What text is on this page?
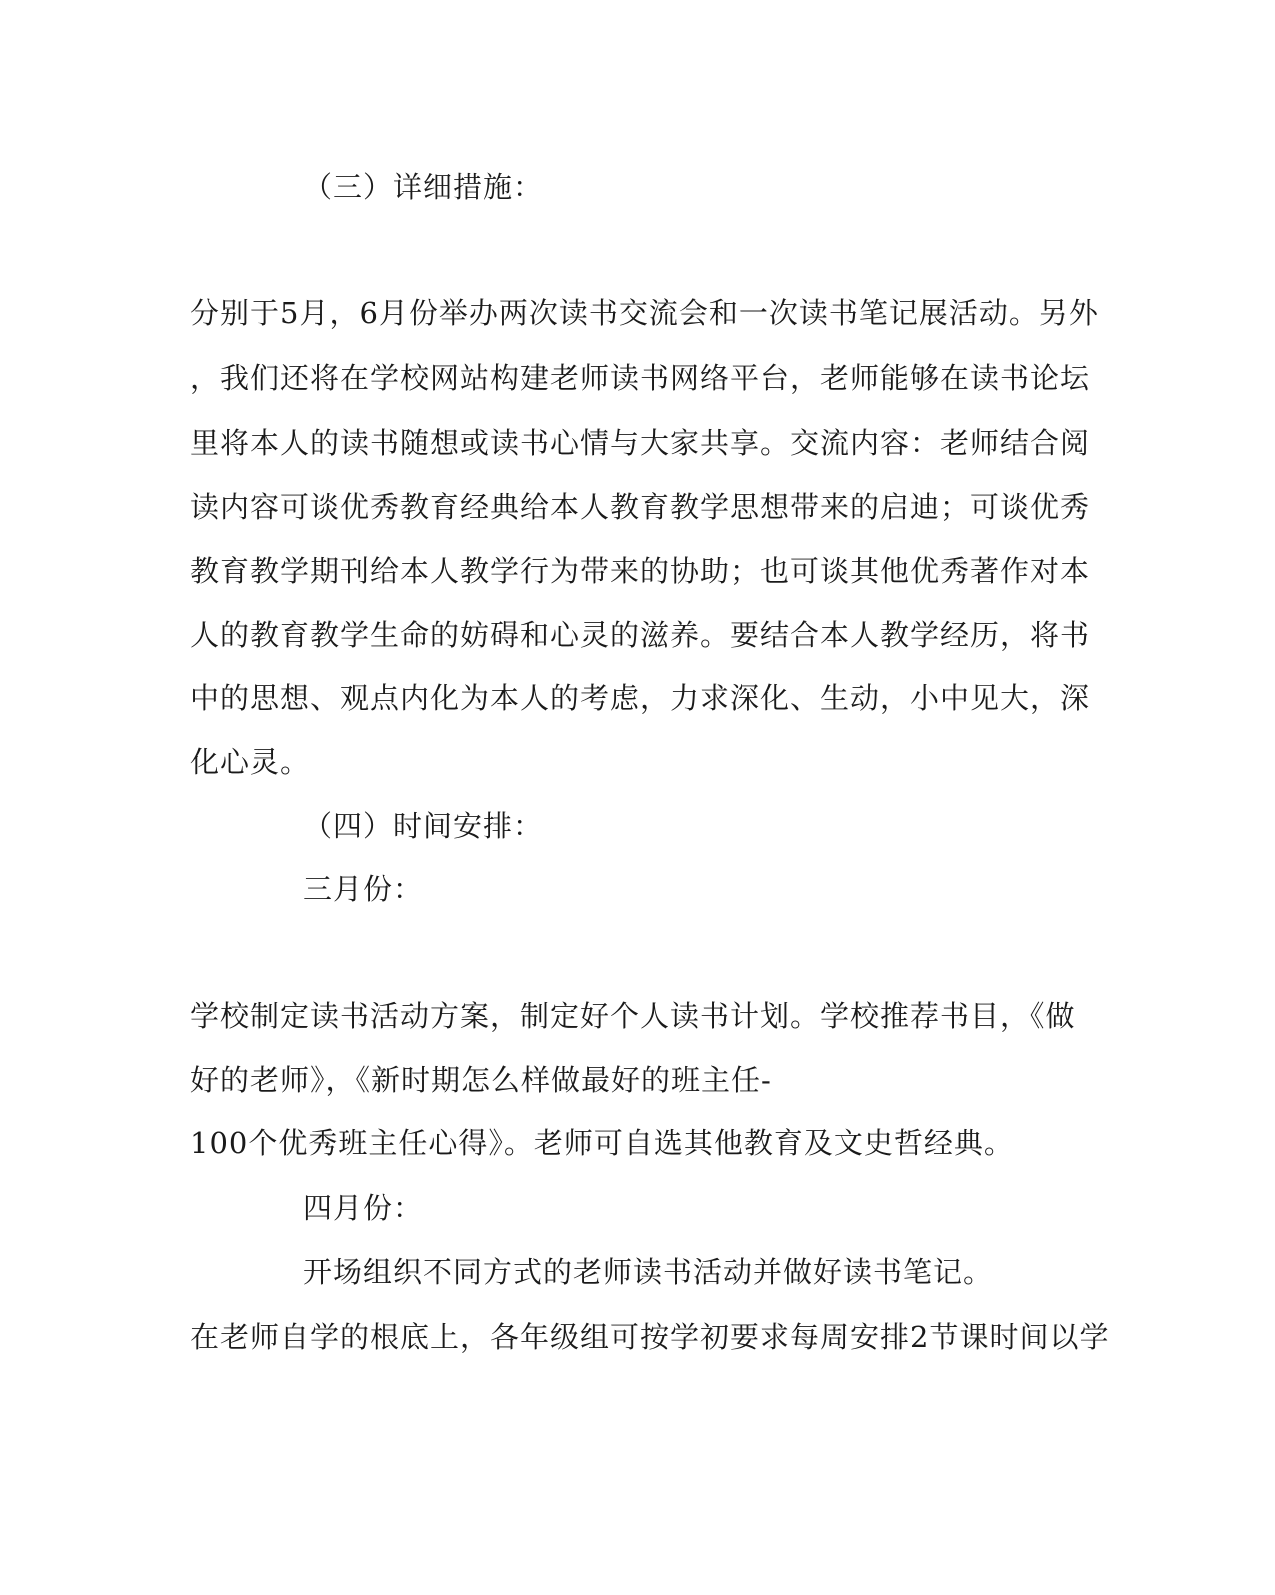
（三）详细措施：
分别于5月，6月份举办两次读书交流会和一次读书笔记展活动。另外
，我们还将在学校网站构建老师读书网络平台，老师能够在读书论坛
里将本人的读书随想或读书心情与大家共享。交流内容：老师结合阅
读内容可谈优秀教育经典给本人教育教学思想带来的启迪；可谈优秀
教育教学期刊给本人教学行为带来的协助；也可谈其他优秀著作对本
人的教育教学生命的妨碍和心灵的滋养。要结合本人教学经历，将书
中的思想、观点内化为本人的考虑，力求深化、生动，小中见大，深
化心灵。
（四）时间安排：
三月份：
学校制定读书活动方案，制定好个人读书计划。学校推荐书目，《做
好的老师》，《新时期怎么样做最好的班主任-
100个优秀班主任心得》。老师可自选其他教育及文史哲经典。
四月份：
开场组织不同方式的老师读书活动并做好读书笔记。
在老师自学的根底上，各年级组可按学初要求每周安排2节课时间以学
